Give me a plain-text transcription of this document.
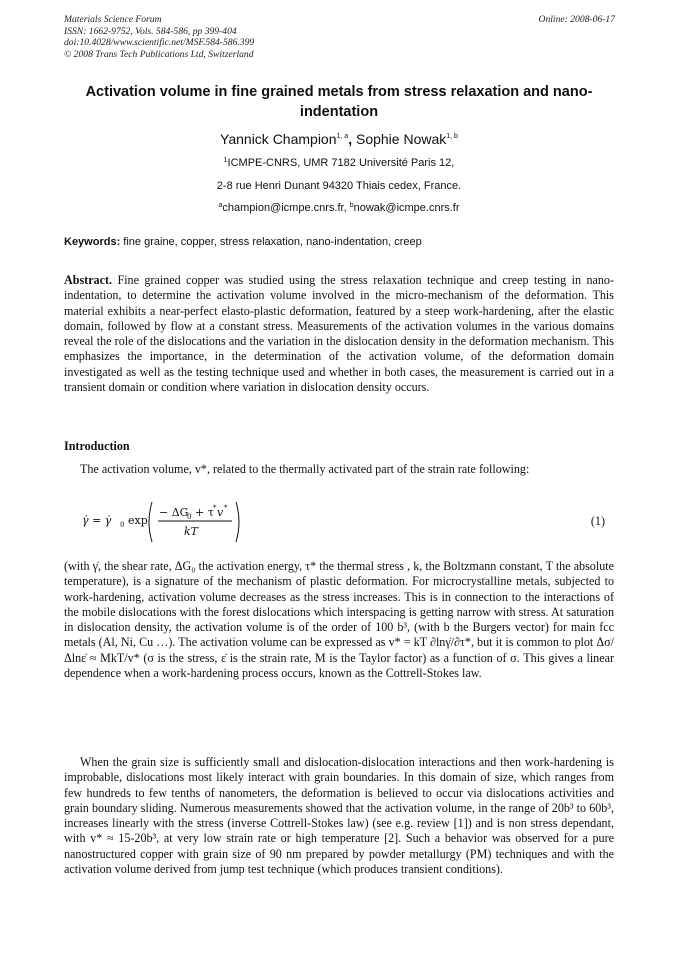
Materials Science Forum
ISSN: 1662-9752, Vols. 584-586, pp 399-404
doi:10.4028/www.scientific.net/MSF.584-586.399
© 2008 Trans Tech Publications Ltd, Switzerland
Online: 2008-06-17
Activation volume in fine grained metals from stress relaxation and nano-indentation
Yannick Champion$^{1, a}$, Sophie Nowak$^{1, b}$
$^1$ICMPE-CNRS, UMR 7182 Université Paris 12,
2-8 rue Henri Dunant 94320 Thiais cedex, France.
$^a$champion@icmpe.cnrs.fr, $^b$nowak@icmpe.cnrs.fr
Keywords: fine graine, copper, stress relaxation, nano-indentation, creep
Abstract. Fine grained copper was studied using the stress relaxation technique and creep testing in nano-indentation, to determine the activation volume involved in the micro-mechanism of the deformation. This material exhibits a near-perfect elasto-plastic deformation, featured by a steep work-hardening, after the elastic domain, followed by flow at a constant stress. Measurements of the activation volumes in the various domains reveal the role of the dislocations and the variation in the dislocation density in the deformation mechanism. This emphasizes the importance, in the determination of the activation volume, of the deformation domain investigated as well as the testing technique used and whether in both cases, the measurement is carried out in a transient domain or condition where variation in dislocation density occurs.
Introduction
The activation volume, v*, related to the thermally activated part of the strain rate following:
γ̇ = γ̇ 0 exp
− ΔG
0 + τ * v *
kT
(1)
(with γ̇, the shear rate, ΔG₀ the activation energy, τ* the thermal stress , k, the Boltzmann constant, T the absolute temperature), is a signature of the mechanism of plastic deformation. For microcrystalline metals, subjected to work-hardening, activation volume decreases as the stress increases. This is in connection to the interactions of the mobile dislocations with the forest dislocations which interspacing is getting narrow with stress. At saturation in dislocation density, the activation volume is of the order of 100 b³, (with b the Burgers vector) for main fcc metals (Al, Ni, Cu …). The activation volume can be expressed as v* = kT ∂lnγ̇/∂τ*, but it is common to plot Δσ/Δlnε̇ ≈ MkT/v* (σ is the stress, ε̇ is the strain rate, M is the Taylor factor) as a function of σ. This gives a linear dependence when a work-hardening process occurs, known as the Cottrell-Stokes law.
When the grain size is sufficiently small and dislocation-dislocation interactions and then work-hardening is improbable, dislocations most likely interact with grain boundaries. In this domain of size, which ranges from few hundreds to few tenths of nanometers, the deformation is believed to occur via dislocations activities and grain boundary sliding. Numerous measurements showed that the activation volume, in the range of 20b³ to 60b³, increases linearly with the stress (inverse Cottrell-Stokes law) (see e.g. review [1]) and is non stress dependant, with v* ≈ 15-20b³, at very low strain rate or high temperature [2]. Such a behavior was observed for a pure nanostructured copper with grain size of 90 nm prepared by powder metallurgy (PM) techniques and with the activation volume derived from jump test technique (which produces transient conditions).
